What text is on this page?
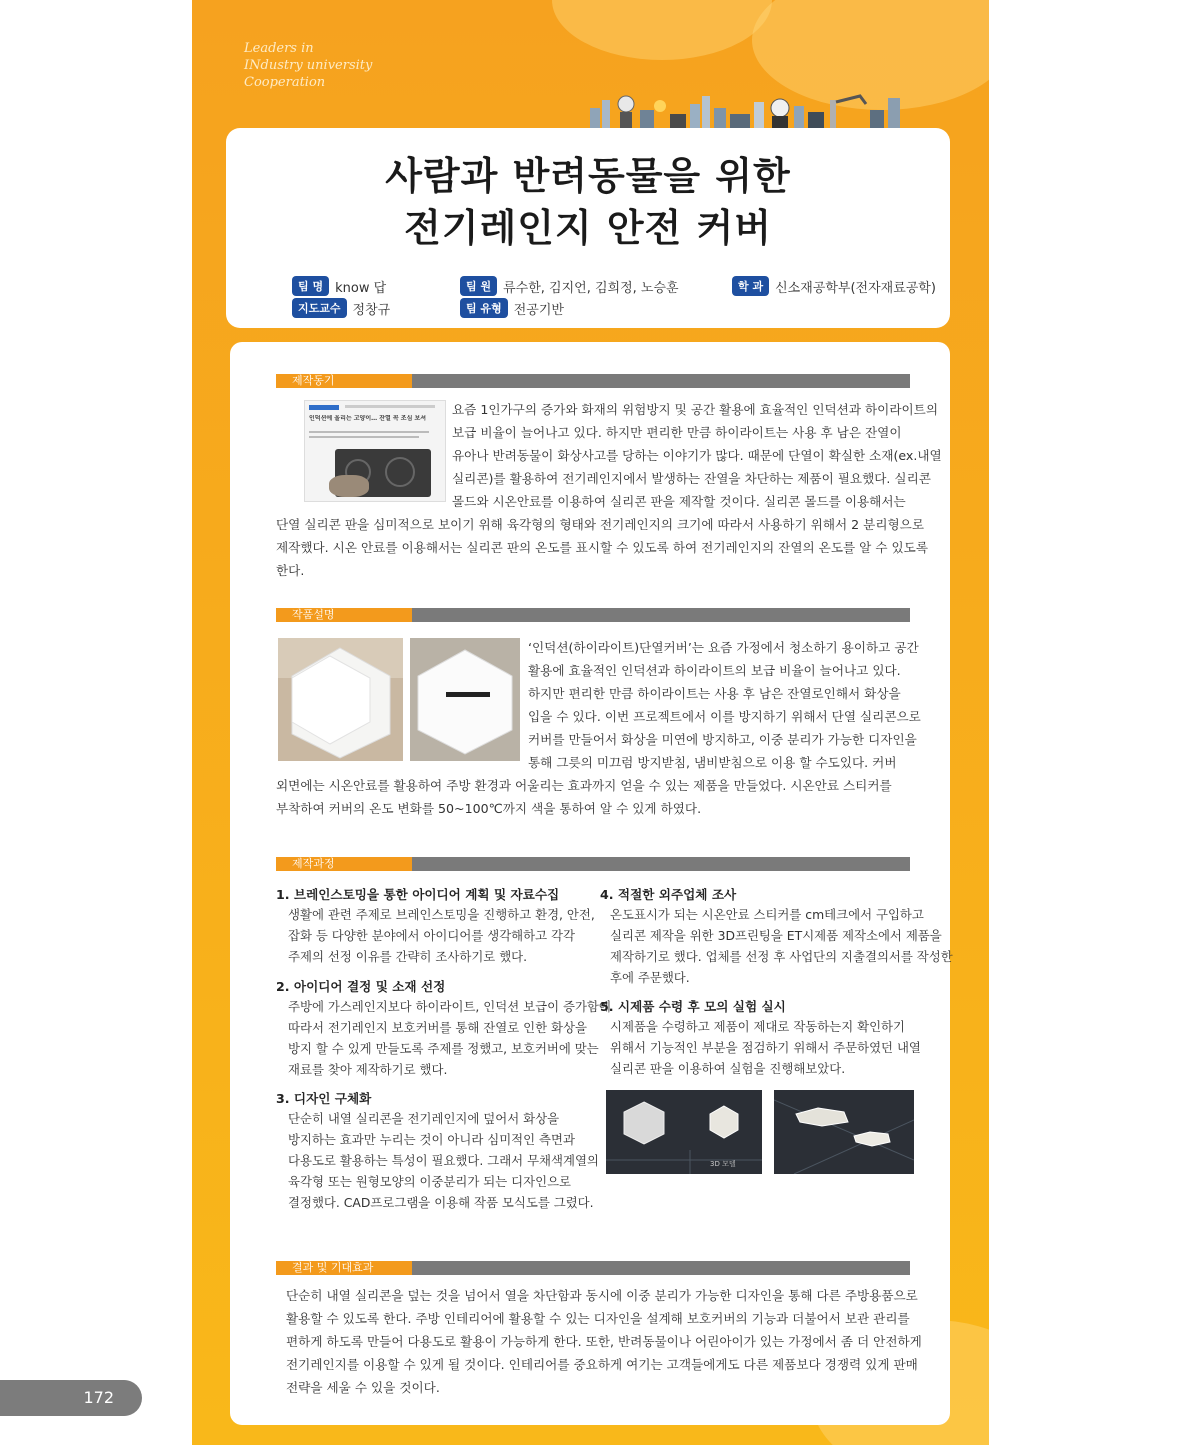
Leaders in
INdustry university
Cooperation
사람과 반려동물을 위한
전기레인지 안전 커버
팀 명 know 답	팀 원 류수한, 김지언, 김희정, 노승훈	학 과 신소재공학부(전자재료공학)
지도교수 정창규	팀 유형 전공기반
제작동기
인덕션에 올리는 고양이… 잔열 꼭 조심 보셔
요즘 1인가구의 증가와 화재의 위험방지 및 공간 활용에 효율적인 인덕션과 하이라이트의
보급 비율이 늘어나고 있다. 하지만 편리한 만큼 하이라이트는 사용 후 남은 잔열이
유아나 반려동물이 화상사고를 당하는 이야기가 많다. 때문에 단열이 확실한 소재(ex.내열
실리콘)를 활용하여 전기레인지에서 발생하는 잔열을 차단하는 제품이 필요했다. 실리콘
몰드와 시온안료를 이용하여 실리콘 판을 제작할 것이다. 실리콘 몰드를 이용해서는
단열 실리콘 판을 심미적으로 보이기 위해 육각형의 형태와 전기레인지의 크기에 따라서 사용하기 위해서 2 분리형으로
제작했다. 시온 안료를 이용해서는 실리콘 판의 온도를 표시할 수 있도록 하여 전기레인지의 잔열의 온도를 알 수 있도록
한다.
작품설명
‘인덕션(하이라이트)단열커버’는 요즘 가정에서 청소하기 용이하고 공간
활용에 효율적인 인덕션과 하이라이트의 보급 비율이 늘어나고 있다.
하지만 편리한 만큼 하이라이트는 사용 후 남은 잔열로인해서 화상을
입을 수 있다. 이번 프로젝트에서 이를 방지하기 위해서 단열 실리콘으로
커버를 만들어서 화상을 미연에 방지하고, 이중 분리가 가능한 디자인을
통해 그릇의 미끄럼 방지받침, 냄비받침으로 이용 할 수도있다. 커버
외면에는 시온안료를 활용하여 주방 환경과 어울리는 효과까지 얻을 수 있는 제품을 만들었다. 시온안료 스티커를
부착하여 커버의 온도 변화를 50~100℃까지 색을 통하여 알 수 있게 하였다.
제작과정
1. 브레인스토밍을 통한 아이디어 계획 및 자료수집
생활에 관련 주제로 브레인스토밍을 진행하고 환경, 안전,
잡화 등 다양한 분야에서 아이디어를 생각해하고 각각
주제의 선정 이유를 간략히 조사하기로 했다.
2. 아이디어 결정 및 소재 선정
주방에 가스레인지보다 하이라이트, 인덕션 보급이 증가함에
따라서 전기레인지 보호커버를 통해 잔열로 인한 화상을
방지 할 수 있게 만들도록 주제를 정했고, 보호커버에 맞는
재료를 찾아 제작하기로 했다.
3. 디자인 구체화
단순히 내열 실리콘을 전기레인지에 덮어서 화상을
방지하는 효과만 누리는 것이 아니라 심미적인 측면과
다용도로 활용하는 특성이 필요했다. 그래서 무채색계열의
육각형 또는 원형모양의 이중분리가 되는 디자인으로
결정했다. CAD프로그램을 이용해 작품 모식도를 그렸다.
4. 적절한 외주업체 조사
온도표시가 되는 시온안료 스티커를 cm테크에서 구입하고
실리콘 제작을 위한 3D프린팅을 ET시제품 제작소에서 제품을
제작하기로 했다. 업체를 선정 후 사업단의 지출결의서를 작성한
후에 주문했다.
5. 시제품 수령 후 모의 실험 실시
시제품을 수령하고 제품이 제대로 작동하는지 확인하기
위해서 기능적인 부분을 점검하기 위해서 주문하였던 내열
실리콘 판을 이용하여 실험을 진행해보았다.
3D 모델
결과 및 기대효과
단순히 내열 실리콘을 덮는 것을 넘어서 열을 차단함과 동시에 이중 분리가 가능한 디자인을 통해 다른 주방용품으로
활용할 수 있도록 한다. 주방 인테리어에 활용할 수 있는 디자인을 설계해 보호커버의 기능과 더불어서 보관 관리를
편하게 하도록 만들어 다용도로 활용이 가능하게 한다. 또한, 반려동물이나 어린아이가 있는 가정에서 좀 더 안전하게
전기레인지를 이용할 수 있게 될 것이다. 인테리어를 중요하게 여기는 고객들에게도 다른 제품보다 경쟁력 있게 판매
전략을 세울 수 있을 것이다.
172
